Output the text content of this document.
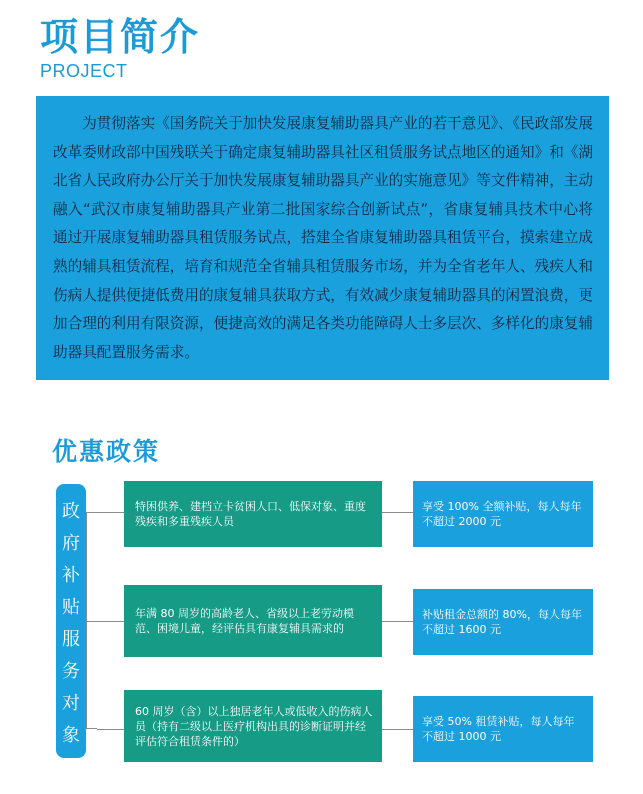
项目简介
PROJECT

为贯彻落实《国务院关于加快发展康复辅助器具产业的若干意见》、《民政部发展改革委财政部中国残联关于确定康复辅助器具社区租赁服务试点地区的通知》和《湖北省人民政府办公厅关于加快发展康复辅助器具产业的实施意见》等文件精神，主动融入“武汉市康复辅助器具产业第二批国家综合创新试点”，省康复辅具技术中心将通过开展康复辅助器具租赁服务试点，搭建全省康复辅助器具租赁平台，摸索建立成熟的辅具租赁流程，培育和规范全省辅具租赁服务市场，并为全省老年人、残疾人和伤病人提供便捷低费用的康复辅具获取方式，有效减少康复辅助器具的闲置浪费，更加合理的利用有限资源，便捷高效的满足各类功能障碍人士多层次、多样化的康复辅助器具配置服务需求。

优惠政策
政
府
补
贴
服
务
对
象
特困供养、建档立卡贫困人口、低保对象、重度残疾和多重残疾人员
享受 100% 全额补贴，每人每年不超过 2000 元
年满 80 周岁的高龄老人、省级以上老劳动模范、困境儿童，经评估具有康复辅具需求的
补贴租金总额的 80%，每人每年不超过 1600 元
60 周岁（含）以上独居老年人或低收入的伤病人员（持有二级以上医疗机构出具的诊断证明并经评估符合租赁条件的）
享受 50% 租赁补贴，每人每年不超过 1000 元
